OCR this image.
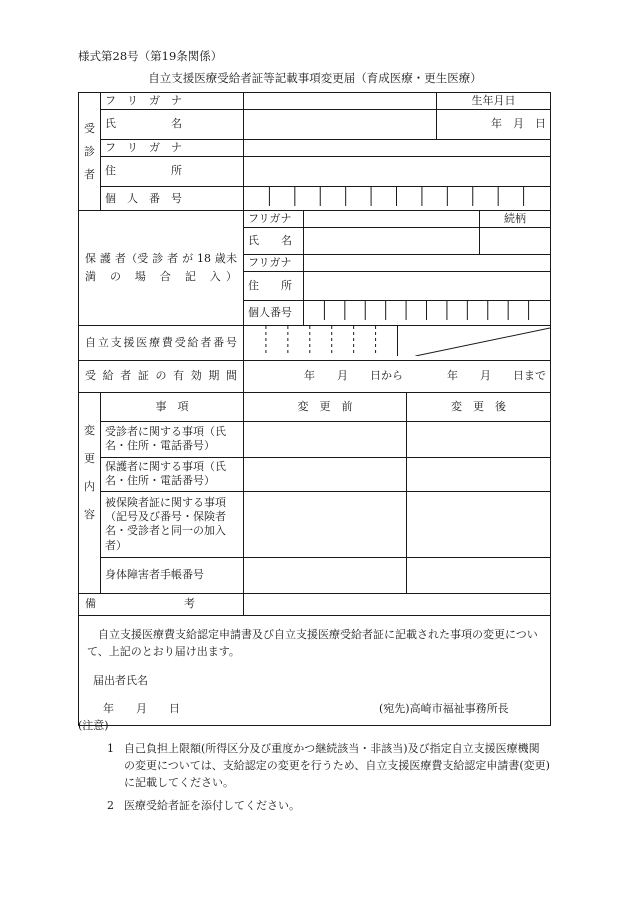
様式第28号（第19条関係）
自立支援医療受給者証等記載事項変更届（育成医療・更生医療）
受
診
者	フ　リ　ガ　ナ				生年月日	
	氏　　　　　名				年　月　日	
	フ　リ　ガ　ナ					
	住　　　　　所					
	個　人　番　号	
保 護 者（受 診 者 が 18 歳未満 の 場 合 記 入）		フリガナ				続柄
		氏　　名				
		フリガナ				
		住　　所				
		個人番号	
自立支援医療費受給者番号	
受 給 者 証 の 有 効 期 間		年　　月　　日から　　　　年　　月　　日まで				

変
更
内
容	事　項	変　更　前		変　更　後		
	受診者に関する事項（氏名・住所・電話番号）					
	保護者に関する事項（氏名・住所・電話番号）					
	被保険者証に関する事項（記号及び番号・保険者名・受診者と同一の加入者）					
	身体障害者手帳番号					
備　　　　　　　　考						

自立支援医療費支給認定申請書及び自立支援医療受給者証に記載された事項の変更について、上記のとおり届け出ます。
届出者氏名
年　　月　　日 (宛先)高崎市福祉事務所長						
(注意)
1 自己負担上限額(所得区分及び重度かつ継続該当・非該当)及び指定自立支援医療機関の変更については、支給認定の変更を行うため、自立支援医療費支給認定申請書(変更)に記載してください。
2 医療受給者証を添付してください。
